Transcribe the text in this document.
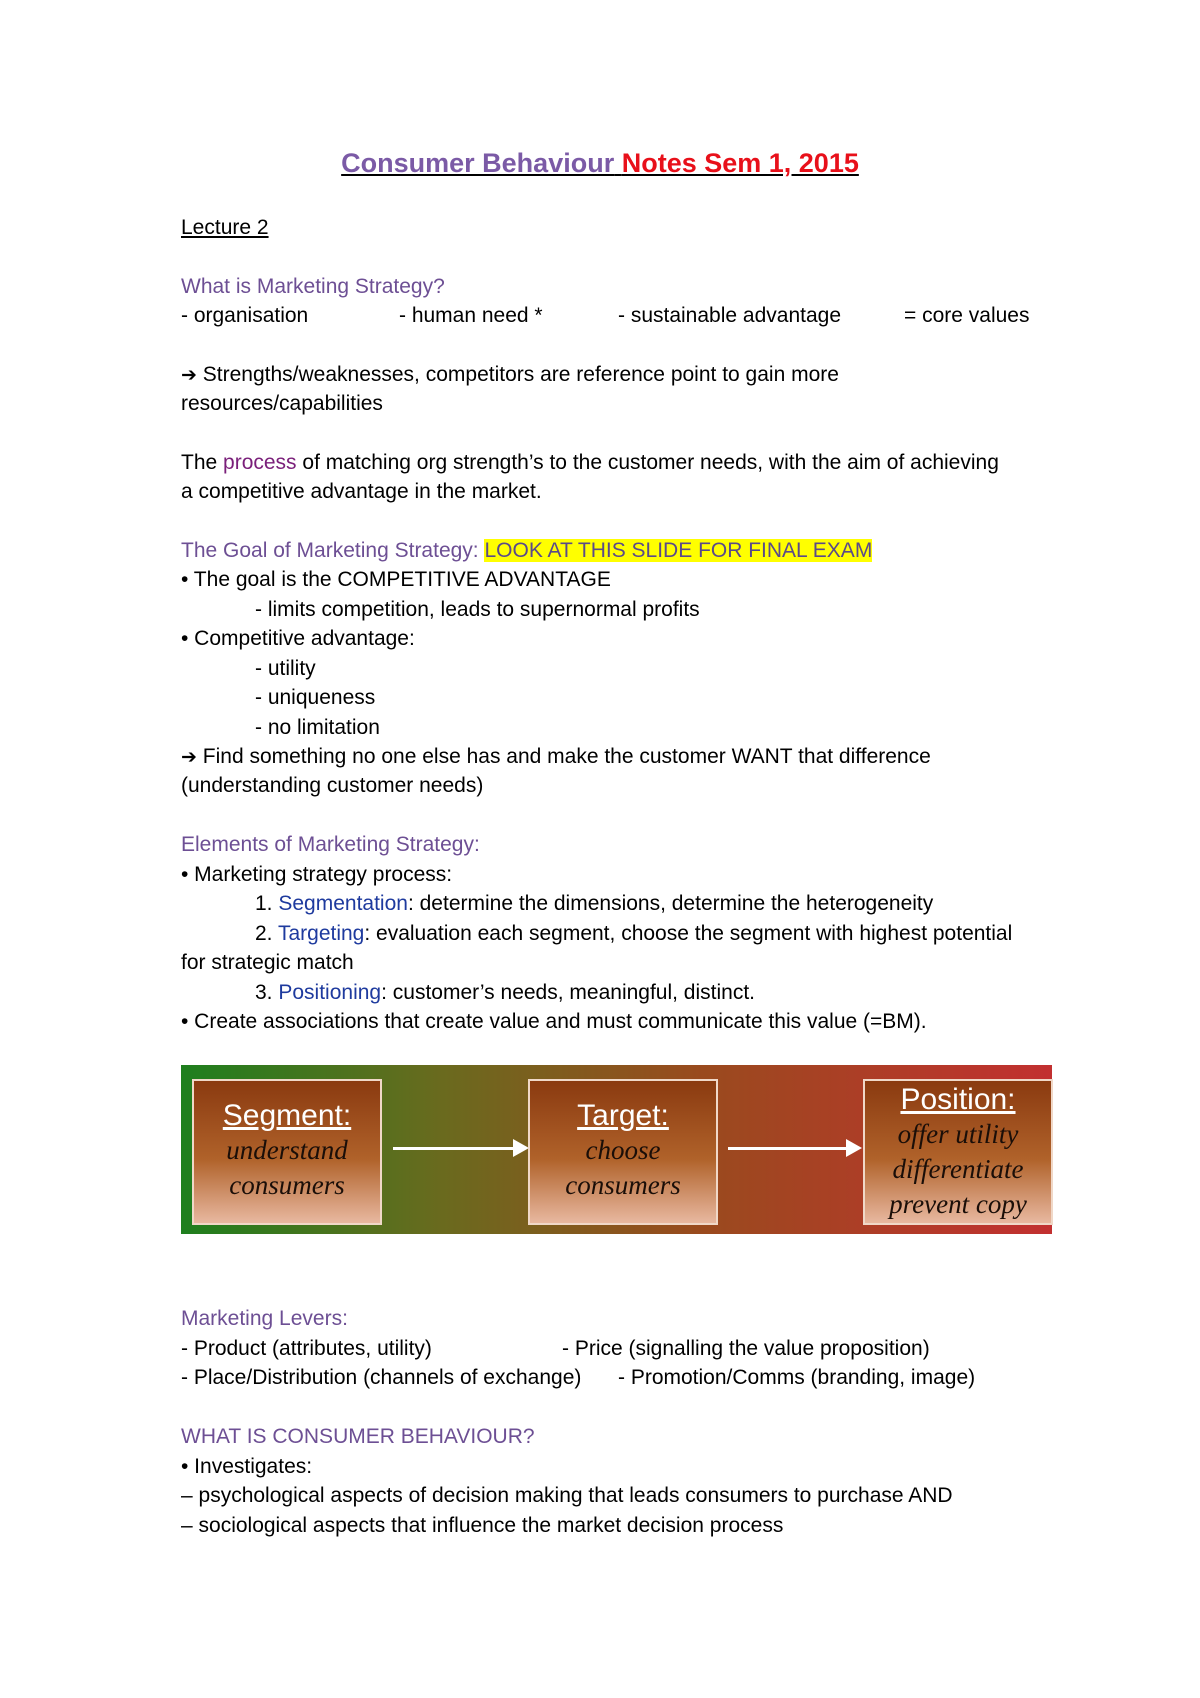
Consumer Behaviour Notes Sem 1, 2015
Lecture 2
What is Marketing Strategy?
- organisation	- human need *	- sustainable advantage	= core values
➔ Strengths/weaknesses, competitors are reference point to gain more
resources/capabilities
The process of matching org strength’s to the customer needs, with the aim of achieving
a competitive advantage in the market.
The Goal of Marketing Strategy: LOOK AT THIS SLIDE FOR FINAL EXAM
• The goal is the COMPETITIVE ADVANTAGE
- limits competition, leads to supernormal profits
• Competitive advantage:
- utility
- uniqueness
- no limitation
➔ Find something no one else has and make the customer WANT that difference
(understanding customer needs)
Elements of Marketing Strategy:
• Marketing strategy process:
1. Segmentation: determine the dimensions, determine the heterogeneity
2. Targeting: evaluation each segment, choose the segment with highest potential
for strategic match
3. Positioning: customer’s needs, meaningful, distinct.
• Create associations that create value and must communicate this value (=BM).
Segment:
understand
consumers
Target:
choose
consumers
Position:
offer utility
differentiate
prevent copy
Marketing Levers:
- Product (attributes, utility)	- Price (signalling the value proposition)
- Place/Distribution (channels of exchange) - Promotion/Comms (branding, image)
WHAT IS CONSUMER BEHAVIOUR?
• Investigates:
– psychological aspects of decision making that leads consumers to purchase AND
– sociological aspects that influence the market decision process
